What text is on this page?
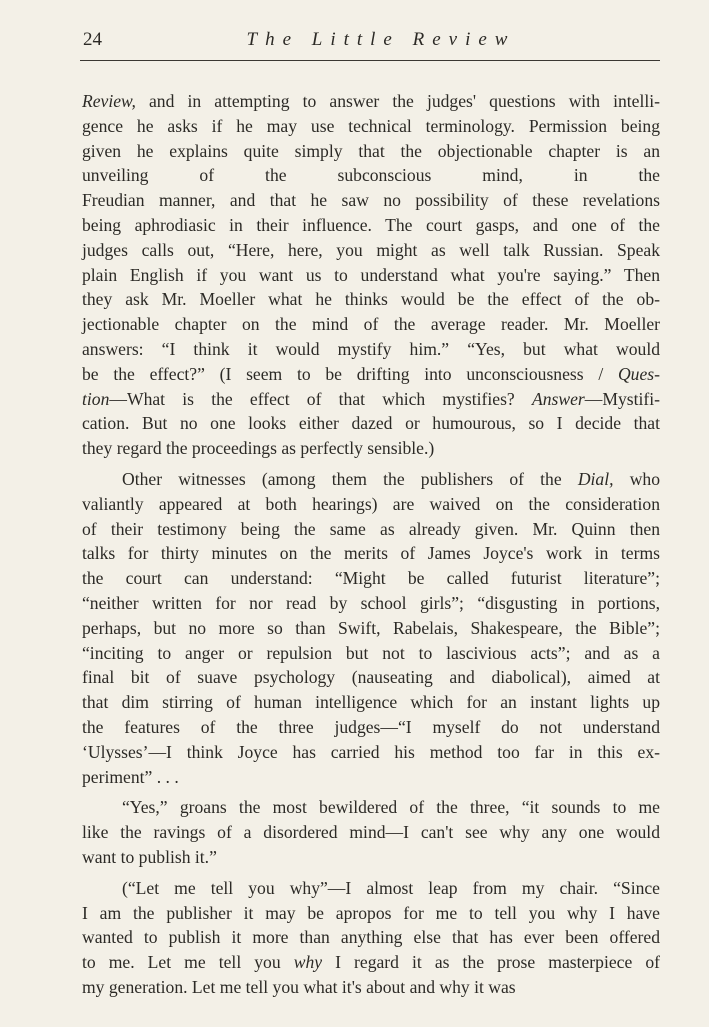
24	The Little Review
Review, and in attempting to answer the judges' questions with intelli-
gence he asks if he may use technical terminology. Permission being
given he explains quite simply that the objectionable chapter is an
unveiling of the subconscious mind, in the
Freudian manner, and that he saw no possibility of these revelations
being aphrodiasic in their influence. The court gasps, and one of the
judges calls out, “Here, here, you might as well talk Russian. Speak
plain English if you want us to understand what you're saying.” Then
they ask Mr. Moeller what he thinks would be the effect of the ob-
jectionable chapter on the mind of the average reader. Mr. Moeller
answers: “I think it would mystify him.” “Yes, but what would
be the effect?” (I seem to be drifting into unconsciousness / Ques-
tion—What is the effect of that which mystifies? Answer—Mystifi-
cation. But no one looks either dazed or humourous, so I decide that
they regard the proceedings as perfectly sensible.)
Other witnesses (among them the publishers of the Dial, who
valiantly appeared at both hearings) are waived on the consideration
of their testimony being the same as already given. Mr. Quinn then
talks for thirty minutes on the merits of James Joyce's work in terms
the court can understand: “Might be called futurist literature”;
“neither written for nor read by school girls”; “disgusting in portions,
perhaps, but no more so than Swift, Rabelais, Shakespeare, the Bible”;
“inciting to anger or repulsion but not to lascivious acts”; and as a
final bit of suave psychology (nauseating and diabolical), aimed at
that dim stirring of human intelligence which for an instant lights up
the features of the three judges—“I myself do not understand
‘Ulysses’—I think Joyce has carried his method too far in this ex-
periment” . . .
“Yes,” groans the most bewildered of the three, “it sounds to me
like the ravings of a disordered mind—I can't see why any one would
want to publish it.”
(“Let me tell you why”—I almost leap from my chair. “Since
I am the publisher it may be apropos for me to tell you why I have
wanted to publish it more than anything else that has ever been offered
to me. Let me tell you why I regard it as the prose masterpiece of
my generation. Let me tell you what it's about and why it was
